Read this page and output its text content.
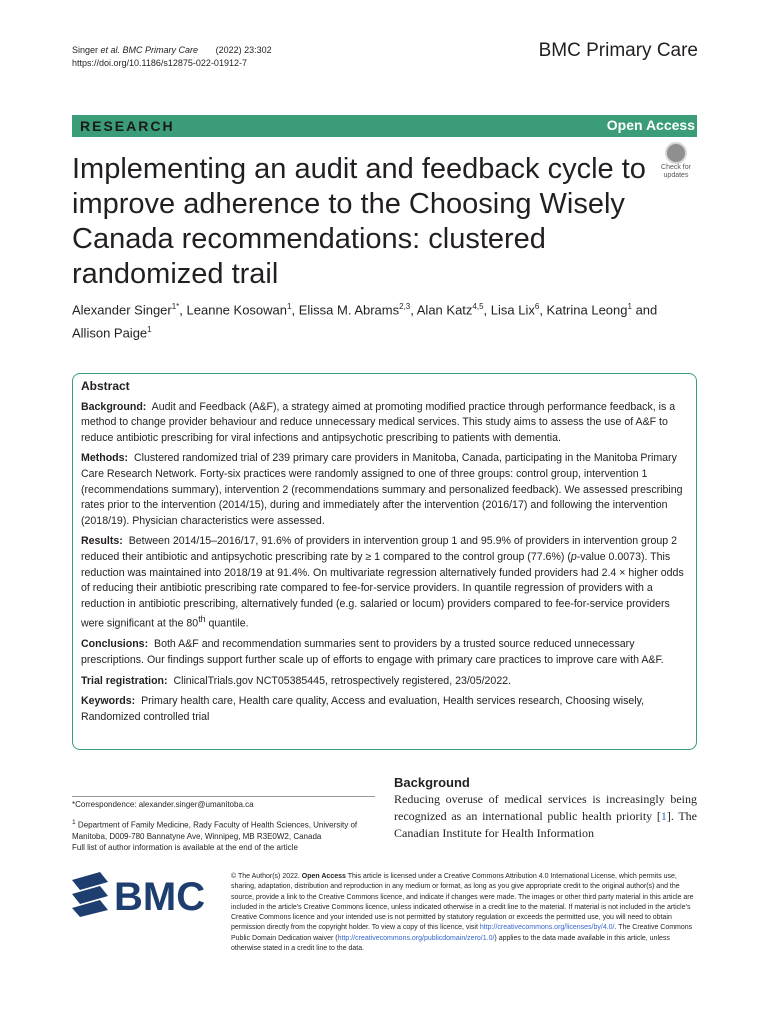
Singer et al. BMC Primary Care (2022) 23:302
https://doi.org/10.1186/s12875-022-01912-7
BMC Primary Care
RESEARCH	Open Access
Implementing an audit and feedback cycle to improve adherence to the Choosing Wisely Canada recommendations: clustered randomized trail
Check for updates
Alexander Singer$^{1*}$, Leanne Kosowan$^1$, Elissa M. Abrams$^{2,3}$, Alan Katz$^{4,5}$, Lisa Lix$^6$, Katrina Leong$^1$ and Allison Paige$^1$

Abstract

Background: Audit and Feedback (A&F), a strategy aimed at promoting modified practice through performance feedback, is a method to change provider behaviour and reduce unnecessary medical services. This study aims to assess the use of A&F to reduce antibiotic prescribing for viral infections and antipsychotic prescribing to patients with dementia.

Methods: Clustered randomized trial of 239 primary care providers in Manitoba, Canada, participating in the Manitoba Primary Care Research Network. Forty-six practices were randomly assigned to one of three groups: control group, intervention 1 (recommendations summary), intervention 2 (recommendations summary and personalized feedback). We assessed prescribing rates prior to the intervention (2014/15), during and immediately after the intervention (2016/17) and following the intervention (2018/19). Physician characteristics were assessed.

Results: Between 2014/15–2016/17, 91.6% of providers in intervention group 1 and 95.9% of providers in intervention group 2 reduced their antibiotic and antipsychotic prescribing rate by ≥ 1 compared to the control group (77.6%) (p-value 0.0073). This reduction was maintained into 2018/19 at 91.4%. On multivariate regression alternatively funded providers had 2.4 × higher odds of reducing their antibiotic prescribing rate compared to fee-for-service providers. In quantile regression of providers with a reduction in antibiotic prescribing, alternatively funded (e.g. salaried or locum) providers compared to fee-for-service providers were significant at the 80th quantile.

Conclusions: Both A&F and recommendation summaries sent to providers by a trusted source reduced unnecessary prescriptions. Our findings support further scale up of efforts to engage with primary care practices to improve care with A&F.

Trial registration: ClinicalTrials.gov NCT05385445, retrospectively registered, 23/05/2022.

Keywords: Primary health care, Health care quality, Access and evaluation, Health services research, Choosing wisely, Randomized controlled trial

*Correspondence: alexander.singer@umanitoba.ca

$^1$ Department of Family Medicine, Rady Faculty of Health Sciences, University of Manitoba, D009-780 Bannatyne Ave, Winnipeg, MB R3E0W2, Canada
Full list of author information is available at the end of the article

Background
Reducing overuse of medical services is increasingly being recognized as an international public health priority [1]. The Canadian Institute for Health Information
BMC	© The Author(s) 2022. Open Access This article is licensed under a Creative Commons Attribution 4.0 International License, which permits use, sharing, adaptation, distribution and reproduction in any medium or format, as long as you give appropriate credit to the original author(s) and the source, provide a link to the Creative Commons licence, and indicate if changes were made. The images or other third party material in this article are included in the article's Creative Commons licence, unless indicated otherwise in a credit line to the material. If material is not included in the article's Creative Commons licence and your intended use is not permitted by statutory regulation or exceeds the permitted use, you will need to obtain permission directly from the copyright holder. To view a copy of this licence, visit http://creativecommons.org/licenses/by/4.0/. The Creative Commons Public Domain Dedication waiver (http://creativecommons.org/publicdomain/zero/1.0/) applies to the data made available in this article, unless otherwise stated in a credit line to the data.
